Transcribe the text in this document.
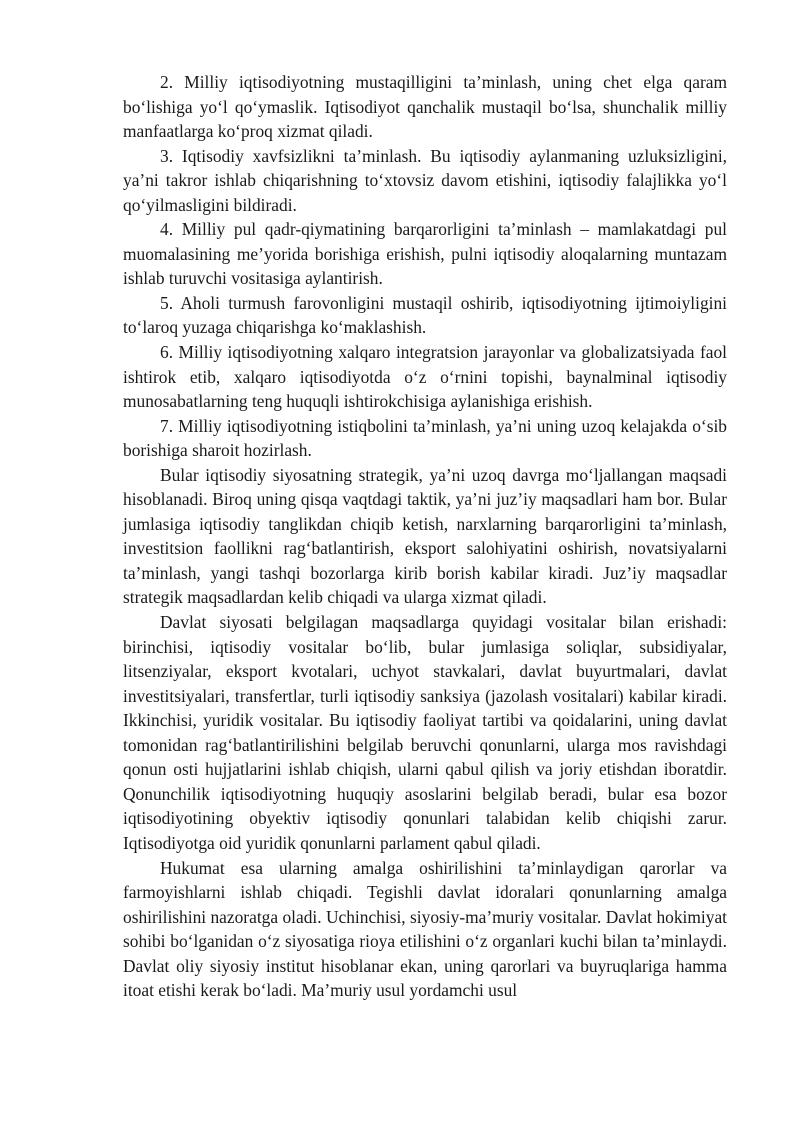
2. Milliy iqtisodiyotning mustaqilligini ta’minlash, uning chet elga qaram bo‘lishiga yo‘l qo‘ymaslik. Iqtisodiyot qanchalik mustaqil bo‘lsa, shunchalik milliy manfaatlarga ko‘proq xizmat qiladi.

3. Iqtisodiy xavfsizlikni ta’minlash. Bu iqtisodiy aylanmaning uzluksizligini, ya’ni takror ishlab chiqarishning to‘xtovsiz davom etishini, iqtisodiy falajlikka yo‘l qo‘yilmasligini bildiradi.

4. Milliy pul qadr-qiymatining barqarorligini ta’minlash – mamlakatdagi pul muomalasining me’yorida borishiga erishish, pulni iqtisodiy aloqalarning muntazam ishlab turuvchi vositasiga aylantirish.

5. Aholi turmush farovonligini mustaqil oshirib, iqtisodiyotning ijtimoiyligini to‘laroq yuzaga chiqarishga ko‘maklashish.

6. Milliy iqtisodiyotning xalqaro integratsion jarayonlar va globalizatsiyada faol ishtirok etib, xalqaro iqtisodiyotda o‘z o‘rnini topishi, baynalminal iqtisodiy munosabatlarning teng huquqli ishtirokchisiga aylanishiga erishish.

7. Milliy iqtisodiyotning istiqbolini ta’minlash, ya’ni uning uzoq kelajakda o‘sib borishiga sharoit hozirlash.

Bular iqtisodiy siyosatning strategik, ya’ni uzoq davrga mo‘ljallangan maqsadi hisoblanadi. Biroq uning qisqa vaqtdagi taktik, ya’ni juz’iy maqsadlari ham bor. Bular jumlasiga iqtisodiy tanglikdan chiqib ketish, narxlarning barqarorligini ta’minlash, investitsion faollikni rag‘batlantirish, eksport salohiyatini oshirish, novatsiyalarni ta’minlash, yangi tashqi bozorlarga kirib borish kabilar kiradi. Juz’iy maqsadlar strategik maqsadlardan kelib chiqadi va ularga xizmat qiladi.

Davlat siyosati belgilagan maqsadlarga quyidagi vositalar bilan erishadi: birinchisi, iqtisodiy vositalar bo‘lib, bular jumlasiga soliqlar, subsidiyalar, litsenziyalar, eksport kvotalari, uchyot stavkalari, davlat buyurtmalari, davlat investitsiyalari, transfertlar, turli iqtisodiy sanksiya (jazolash vositalari) kabilar kiradi. Ikkinchisi, yuridik vositalar. Bu iqtisodiy faoliyat tartibi va qoidalarini, uning davlat tomonidan rag‘batlantirilishini belgilab beruvchi qonunlarni, ularga mos ravishdagi qonun osti hujjatlarini ishlab chiqish, ularni qabul qilish va joriy etishdan iboratdir. Qonunchilik iqtisodiyotning huquqiy asoslarini belgilab beradi, bular esa bozor iqtisodiyotining obyektiv iqtisodiy qonunlari talabidan kelib chiqishi zarur. Iqtisodiyotga oid yuridik qonunlarni parlament qabul qiladi.

Hukumat esa ularning amalga oshirilishini ta’minlaydigan qarorlar va farmoyishlarni ishlab chiqadi. Tegishli davlat idoralari qonunlarning amalga oshirilishini nazoratga oladi. Uchinchisi, siyosiy-ma’muriy vositalar. Davlat hokimiyat sohibi bo‘lganidan o‘z siyosatiga rioya etilishini o‘z organlari kuchi bilan ta’minlaydi. Davlat oliy siyosiy institut hisoblanar ekan, uning qarorlari va buyruqlariga hamma itoat etishi kerak bo‘ladi. Ma’muriy usul yordamchi usul
